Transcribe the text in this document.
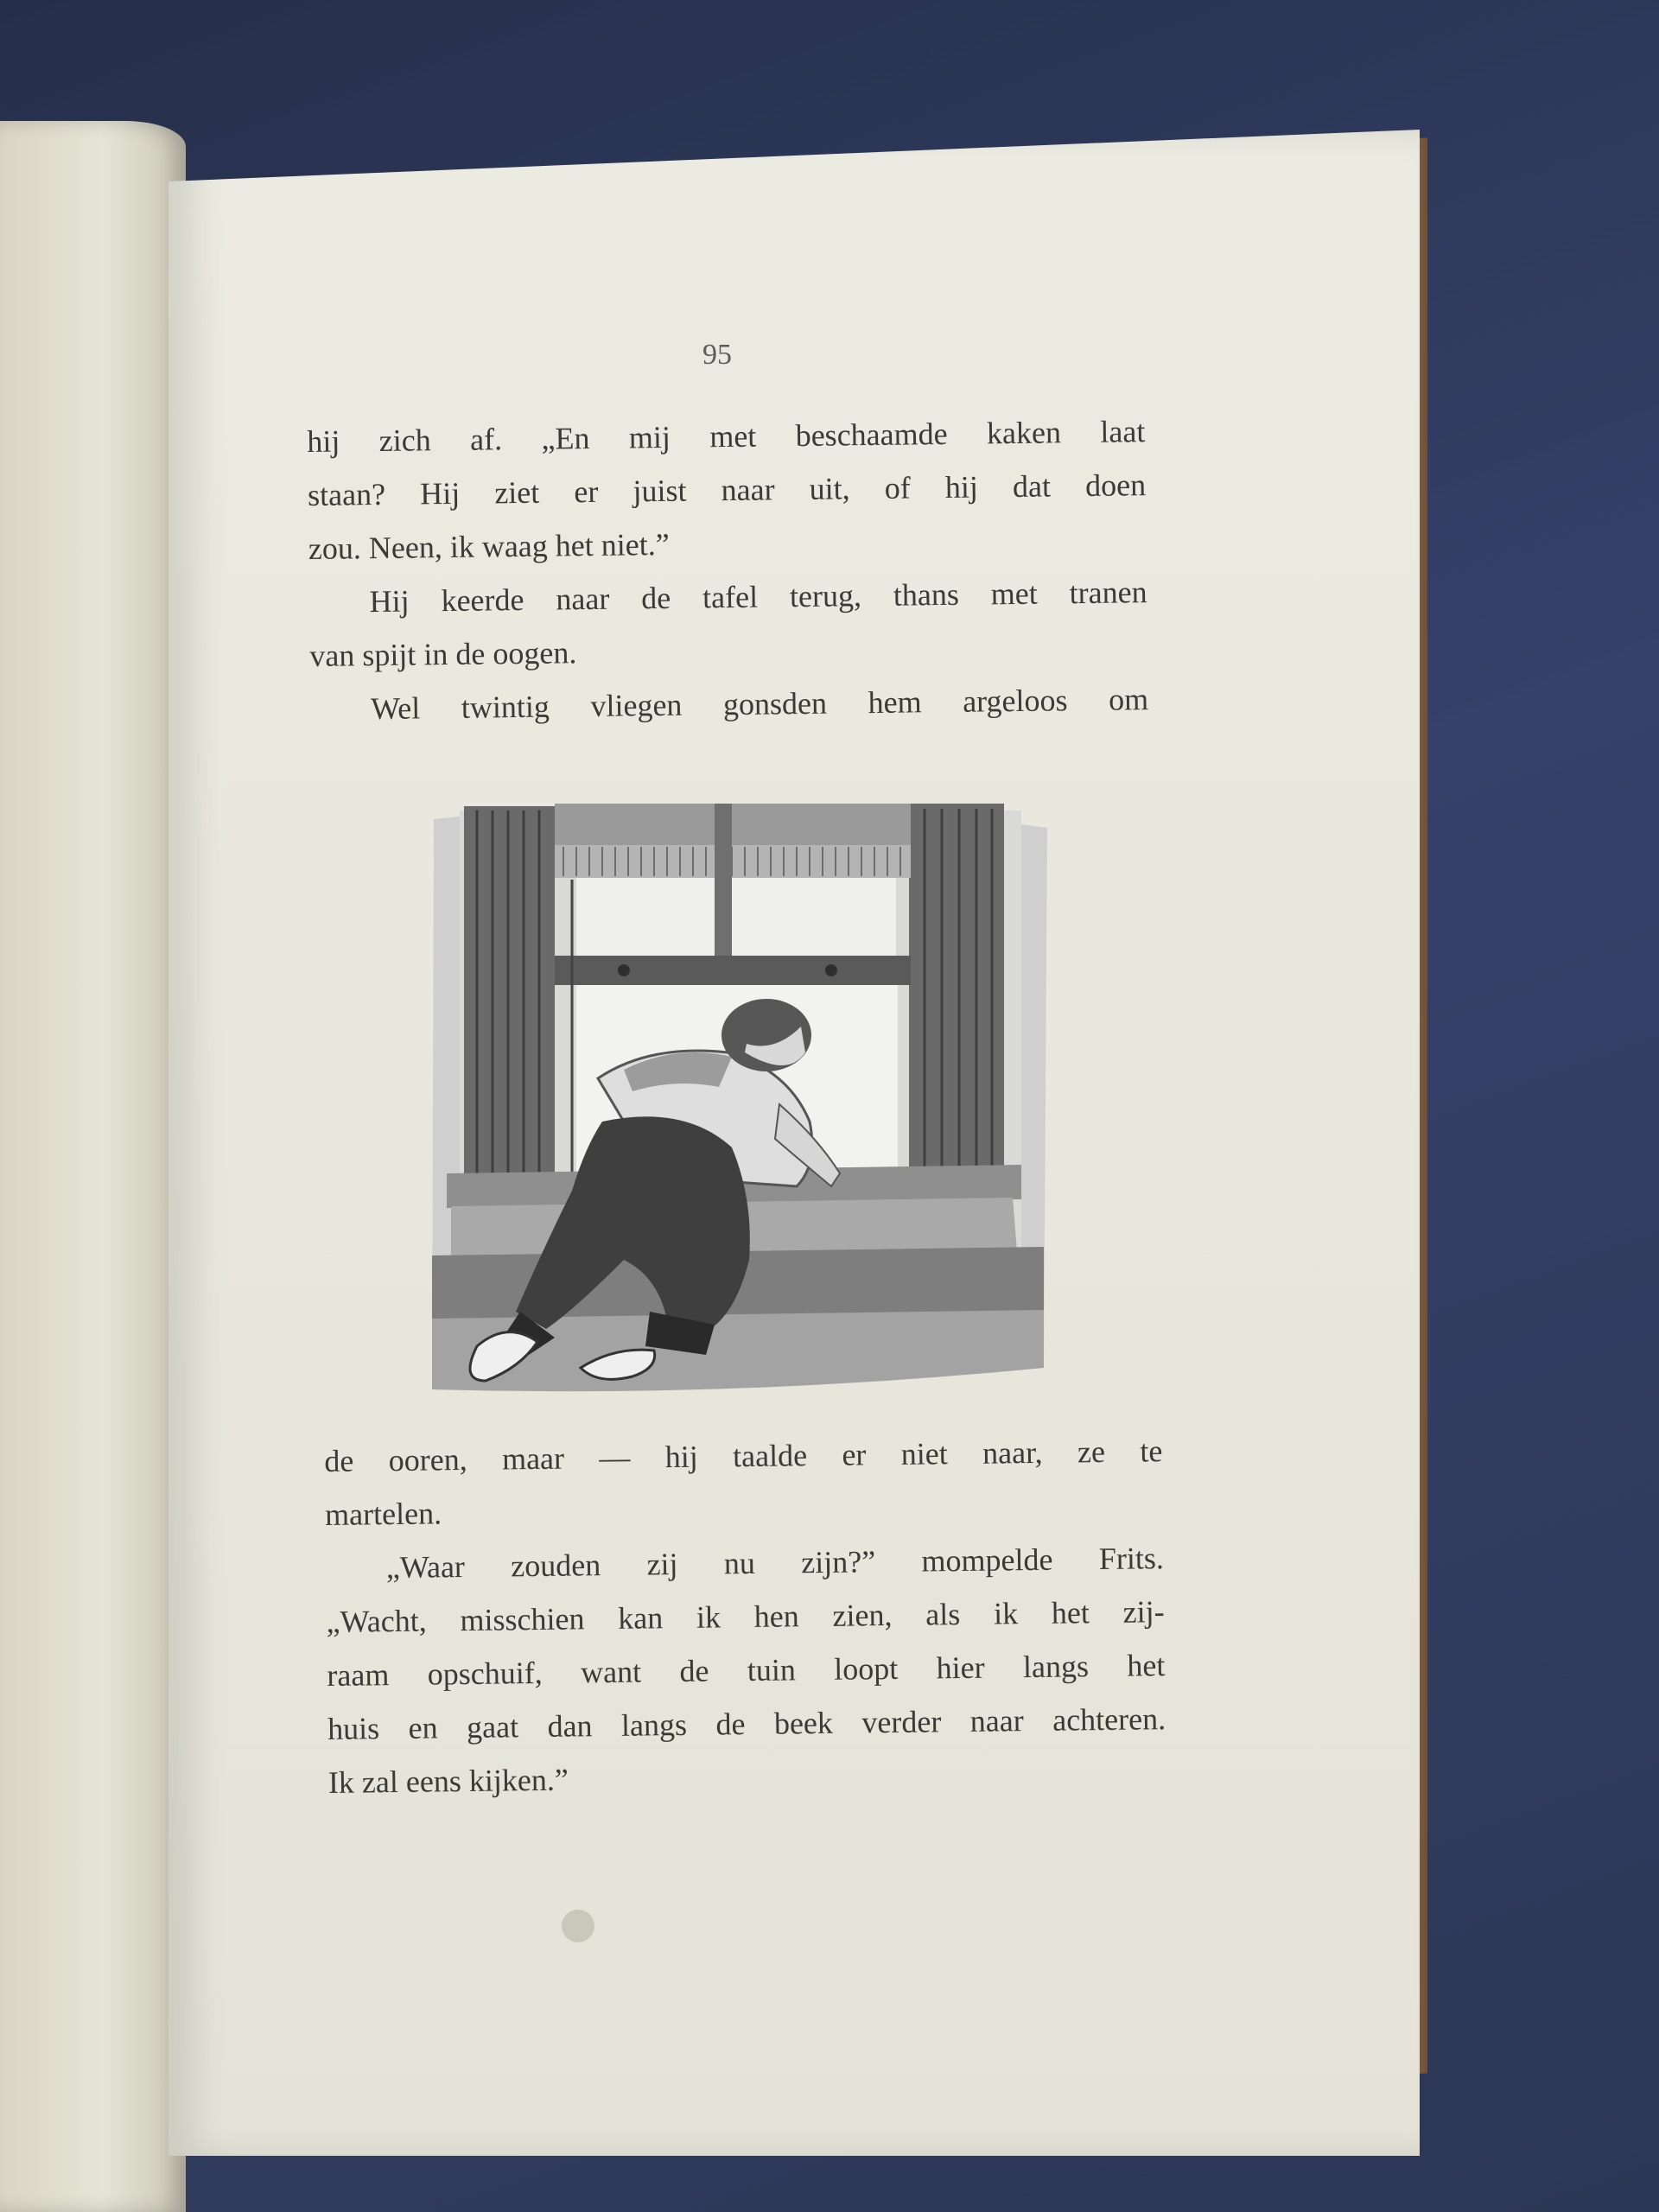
95
hij zich af. „En mij met beschaamde kaken laat
staan? Hij ziet er juist naar uit, of hij dat doen
zou. Neen, ik waag het niet.”
Hij keerde naar de tafel terug, thans met tranen
van spijt in de oogen.
Wel twintig vliegen gonsden hem argeloos om
de ooren, maar — hij taalde er niet naar, ze te
martelen.
„Waar zouden zij nu zijn?” mompelde Frits.
„Wacht, misschien kan ik hen zien, als ik het zij-
raam opschuif, want de tuin loopt hier langs het
huis en gaat dan langs de beek verder naar achteren.
Ik zal eens kijken.”
